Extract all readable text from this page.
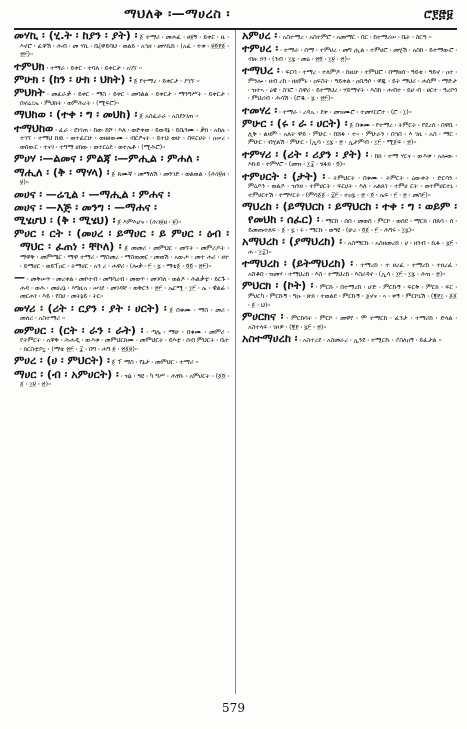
ማህለቅ ፡—ማሀረስ ፡	ሮ፻፸፱

መሃኪ ፡ (ሂ.ት ፡ ከያን ፡ ያት) ፡ ፩ ተማሪ ፡ መሐፈ ፡ ፀ፱ኝ ፡ ይቀር ፡ ዚ ፡ እኖሮ ፡ ፈዋሽ ፡ ሕብ ፡ መ ሃኪ ፡ ቤ|ዋይባህ ፡ ወልይ ፡ አኅዘ ፡ መሃኪከ ፡ (አፈ ፡ ተቱ ፡ ፱፬፻፩ ፡ ፳፫)።

ተምህክ ፡ ተማራ ፡ ይቀር ፡ ተባለ ፡ ይቀርታ ፡ አገኘ ።

ምሁክ ፡ (ከን ፡ ሁክ ፡ ህክት) ፡ ፩ የተማረ ፡ ይቀርታ ፡ ያገኘ ።

ምህክት ፡ መፈራቃ ፡ ይቀር ፡ ማስ ፡ ይቀር ፡ መባልል ፡ ይቀርታ ፡ ማንግሥት ፡ ይቀርታ ፡ በኖሬ፤ኤ ፡ ምህክት ፡ ወምሕረት ፡ (ሚፍሮ)።

ማህከወ ፡ (ተቀ ፡ ግ ፡ መህከ) ፡ ፩ አስፈራራ ፡ አስደነገጠ ።

ተማህከወ ፡ ፈራ ፡ ደነገጠ ፡ ከወ፡ ከሾ ፡ እለ ፡ ወድቀወ ፡ ይወዳኔ ፡ ይቤንሙ ፡ ቃክ ፡ አከሉ ፡ ተገኘ ፡ ተማህ ከዉ ፡ ወተፈርሁ ፡ ወዘፀውሙ ፡ ብርዖናት ፡ ይተህ ወሁ ፡ በፍርሀት ፡ ዐሠረ ፡ ወሰውር ፡ ተናገ ፡ ተግማ ሀክው ፡ ወተርዕደ ፡ ወተኤቶ ፡ (ሚሕሮ)።

ምሀሃ ፡—ልመና ፡ ምልጃ ፡—ምሒል ፡ ምሐለ ፡

ማሒለ ፡ (ቅ ፡ ማሃላ) ፡ ፩ ጸሙኛ ፡ መማለሽ ፡ መንገድ ፡ ወልወል ፡ (ሕገ፱ዘ ፡ ፱)።

መሀና ፡ —ሬጊል ፡ —ማሒል ፡ ምሐና ፡

መሀና ፡ —እጅ ፡ መንግ ፡ —ማሐና ፡

ሚሄሆህ ፡ (ቅ ፡ ሚሄህ) ፡ ፩ እምእሆና ፡ (ሕገ፱ዘ ፡ ፱)።

ምሀር ፡ ርት ፡ (መሀረ ፡ ይማሀር ፡ ይ ምሀር ፡ ዕብ ፡ ማህር ፡ ፈጠነ ፡ ቸኮለ) ፡ ፩ መመሪ ፡ መምህር ፡ መኘት ፡ መምሪዶት ፡ ማዋቅ ፡ መምሜር ፡ ማዋ ተማሪ ፡ ማስመረ ፡ ማስወመር ፡ መወሽ ፡ አውሖ ፡ መተ ሐሪ ፡ ዘተ ፡ ይማሀር ፡ ወይፕዐር ፡ ትማሀር ፡ አን ረ ፡ ሐዋሪ ፡ (ሎቃ ፡ ፫ ፡ ፯ ፡ ማቴ፩ ፡ ፬፬ ፡ ፳፫)።

— ፡ መቅሠጥ ፡ መረቀል ፡ መኮተብ ፡ መግባረብ ፡ መወጥ ፡ መገባለ ፡ ወልዶ ፡ ሕልቃቲ ፡ ይርጉ ፡ ሐዳ ፡ ወሕ ፡ መሀረኔ ፡ እግዚአ ፡ ሠገደ ፡ መገዳቸ ፡ ወቅርን ፡ ፳፫ ፡ ኤርሚ ፡ ፲፫ ፡ ኤ ፡ ዊልፊ ፡ መርሐነ ፡ እይ ፡ የበሀ ፡ መትኔይ ፡ ትር።

መሃሪ ፡ (ሪት ፡ ርያን ፡ ያት ፡ ሀርት) ፡ ፩ በቁሙ ፡ ማስ ፡ መሪ ፡ መለሪ ፡ አስተማሪ ።

መምሀር ፡ (ርት ፡ ራን ፡ ራት) ፡ ፡ ጣሌ ፡ ማሁ ፡ በቁሙ ፡ መምሪ ፡ የትምርት ፡ አዋቅ ፡ ሕሐዲ ፡ ውእቱ ፡ መምህርክሙ ፡ መምህርት ፡ ይእቲ ፡ ሰብ ምህርት ፡ ቤተ ፡ ክርስቲያኗ ፡ (ማቴ ፳፫ ፡ ፰ ፡ በግ ፡ ሐግ ፱ ፡ ፳፩፱)።

ምሀረ ፡ (ሀ ፡ ምህርት) ፡ ፩ ፕ ማስ ፡ የኔታ ፡ መምህር ፡ ተማሪ ።

ማሀር ፡ (ብ ፡ አምሀርት) ፡ ፡ ዝኔ ፡ ዓዩ ፡ ካ ግሥ ፡ ሕፃኩ ፡ አምሀርት ፡ (፩፬ ፡ ፩ ፡ ፲፱ ፡ ፳)።

አምሀረ ፡ ፡ አስተማረ ፡ አስተምሮ ፡ አመማር ፡ በር ፡ ከተማሪሠ ፡ ቤት ፡ ስርዓ ።

ተምሀረ ፡ ፡ ተማራ ፡ ሰማ ፡ ተምሀረ ፡ መግ ሒል ፡ ተምሀሮ ፡ መሂሽ ፡ አስከ ፡ ይተማውሮ ፡ ብዙ ኃን ፡ (ንብ ፡ ፲፯ ፡ መዕ ፡ ፳፬ ፡ ፲፱ ፡ ፳)።

ተማህረ ፡ ፡ ፍርባ ፡ ተማረ ፡ ተለምዶ ፡ ከዚሁ ፡ ተምህሮ ፡ በማዘሰ ፡ ዓይቂ ፡ ዓይኖ ፡ ዐተ ፡ ምንሎ ፡ ዘብ ረከ ፡ ዘዘምኑ ፡ ዐፍስት ፡ ዓይቀል ፡ ዐቢዓሶ ፡ ዋጁ ፡ ይት ማህሪ ፡ ሐሰም ፡ ማድታ ፡ ዝተኣ ፡ ዕዌ ፡ ስገሮ ፡ ስዋሪ ፡ ይተማህረ ፡ ሃይማኖት ፡ እስከ ፡ ሐብተ ፡ ይሀ ብ ፡ ፀርተ ፡ ዓረቦጎ ፡ ምህሪብ ፡ ሕሳሽ ፡ (ሮዱ ፡ ፯ ፡ ፳፫)።

ተመሃረ ፡ ፡ ተማራ ፡ ረዳኡ ፡ ደቀ ፡ መዝሙሮ ፡ ተመሃርሮተ ፡ (ሮ ፡ ፲)።

ምሁር ፡ (ሩ ፡ ራ ፡ ሀርት) ፡ ፩ በቁሙ ፡ የተማረ ፡ ትምርት ፡ የደረሰ ፡ በዋቢ ፡ ሊቅ ፡ ልዛም ፡ አለት ዋይ ፡ ምሁር ፡ በሸፋ ፡ ተ፡፡ ፡ ምሁራን ፡ በኅበ ፡ እ ገዚ ፡ አስ ፡ ማር ፡ ምሁር ፡ ብሂልሽ ፡ ምሁር ፡ (ኢሳ ፡ ፲፯ ፡ ፳ ፡ ኢታምብ ፡ ፲፫ ፡ ሚ፩ፍ ፡ ፳)።

ተምሃሪ ፡ (ሪት ፡ ሪያን ፡ ያት) ፡ ፡ ከክ ፡ ተማ ሃርና ፡ ውእቱ ፡ አሎው ፡ እኩይ ፡ ተምሃሮ ፡ (መዝ ፡ ፲፰ ፡ ሄፋክ ፡ ፬)።

ተምሀርት ፡ (ታት) ፡ ፡ ትምህርት ፡ በቁሙ ፡ ትምርት ፡ ዕውቀት ፡ ድርሳን ፡ ምዕዶን ፡ ወልዶ ፡ ዝንዘ ፡ ተምሀርት ፡ ፍርሀት ፡ እለ ፡ አልጸገ ፡ ተምሀ ርት ፡ ወተምሀርተኒ ፡ ተምሀርተሽ ፡ ተማሃርት ፡ (ምሳ፩፩ ፡ ፰፫ ፡ ተዐ፯ ፡ ፳ ፡ ፬ ፡ ኤፍ ፡ ፫ ፡ ፳ ፡ መስ፫)።

ማህረከ ፡ (ይማህርከ ፡ ይማህርከ ፡ ተቀ ፡ ግ ፡ ወይም ፡ የመህከ ፡ ሰፈር) ፡ ፡ ማርከ ፡ ሰበ ፡ መወሰ ፡ ምርኮ ፡ ወሰደ ፡ ማርክ ፡ በጸሳ ፡ ሰ ፡ ይመጡተለፍ ፡ ፩ ፡ ፯ ፡ ሩ ፡ ማርኩ ፡ ወዓዩ ፡ (ሁረ ፡ ፬፩ ፡ ፫ ፡ ሕግሩ ፡ ፲፯)።

አማህረከ ፡ (ያማህረከ) ፡ ፡ አስማርኩ ፡ አስዘመረከ ፡ ሀ ፡ ዘንብ ፡ ኪፋ ፡ ፯፫ ፡ ሐ ፡ ፲፰)።

ተማህረከ ፡ (ይትማህረከ) ፡ ፡ ተማረከ ፡ ተ ዘረፈ ፡ ተማረከ ፡ ተዘረፈ ፡ አሸቆበ ፡ ዝመሃ ፡ ተማህረከ ፡ እስ ፡ ተማህረከ ፡ እስሪዳኖ ፡ (ኢሳ ፡ ፲፫ ፡ ፲፯ ፡ ሕዝ ፡ ፳)።

ምህርክ ፡ (ኮት) ፡ ፡ ምርኩ ፡ በተማረከ ፡ ሆድ ፡ ምርኩኝ ፡ ፍርቅ ፡ ምርክ ፡ ፍር ፡ ምሀርካ ፡ ምርኩኝ ፡ ግዑ ፡ ጽክ ፡ ተወልደ ፡ ምርኩኝ ፡ ጀኖና ፡ ኣ ፡ ቀኝ ፡ ምርኮኒሽ ፡ (፪፻፲ ፡ ፩፩ ፡ ፩ ፡ ህ)።

ምሀርክና ፡ ፡ ምርከሳት ፡ ምርኮ ፡ መዋየ ፡ ሞ ተማርከ ፡ ፈንታ ፡ ተማሪከ ፡ ድላል ፡ አስተላፍ ፡ ገዞዎ ፡ (፪፻ ፡ ፯፫ ፡ ፳)።

አስተማሀረከ ፡ ፡ አስተረደ ፡ አስመራረ ፡ ኢንደ ፡ ተሚርኩ ፡ ያስለዐኝ ፡ ይፈታል ።

579
